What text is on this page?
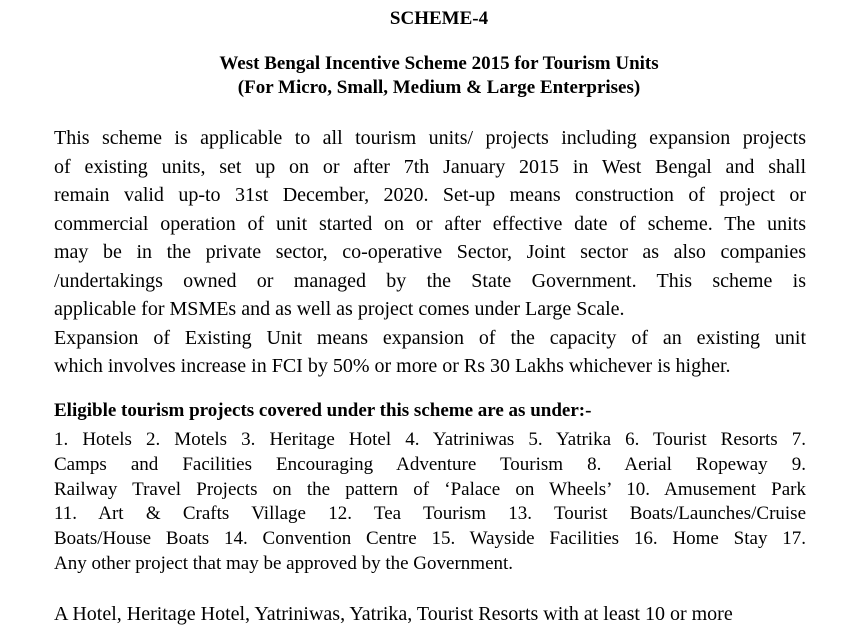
SCHEME-4
West Bengal Incentive Scheme 2015 for Tourism Units
(For Micro, Small, Medium & Large Enterprises)
This scheme is applicable to all tourism units/ projects including expansion projects
of existing units, set up on or after 7th January 2015 in West Bengal and shall
remain valid up-to 31st December, 2020. Set-up means construction of project or
commercial operation of unit started on or after effective date of scheme. The units
may be in the private sector, co-operative Sector, Joint sector as also companies
/undertakings owned or managed by the State Government. This scheme is
applicable for MSMEs and as well as project comes under Large Scale.
Expansion of Existing Unit means expansion of the capacity of an existing unit
which involves increase in FCI by 50% or more or Rs 30 Lakhs whichever is higher.
Eligible tourism projects covered under this scheme are as under:-
1. Hotels 2. Motels 3. Heritage Hotel 4. Yatriniwas 5. Yatrika 6. Tourist Resorts 7.
Camps and Facilities Encouraging Adventure Tourism 8. Aerial Ropeway 9.
Railway Travel Projects on the pattern of ‘Palace on Wheels’ 10. Amusement Park
11. Art & Crafts Village 12. Tea Tourism 13. Tourist Boats/Launches/Cruise
Boats/House Boats 14. Convention Centre 15. Wayside Facilities 16. Home Stay 17.
Any other project that may be approved by the Government.
A Hotel, Heritage Hotel, Yatriniwas, Yatrika, Tourist Resorts with at least 10 or more
